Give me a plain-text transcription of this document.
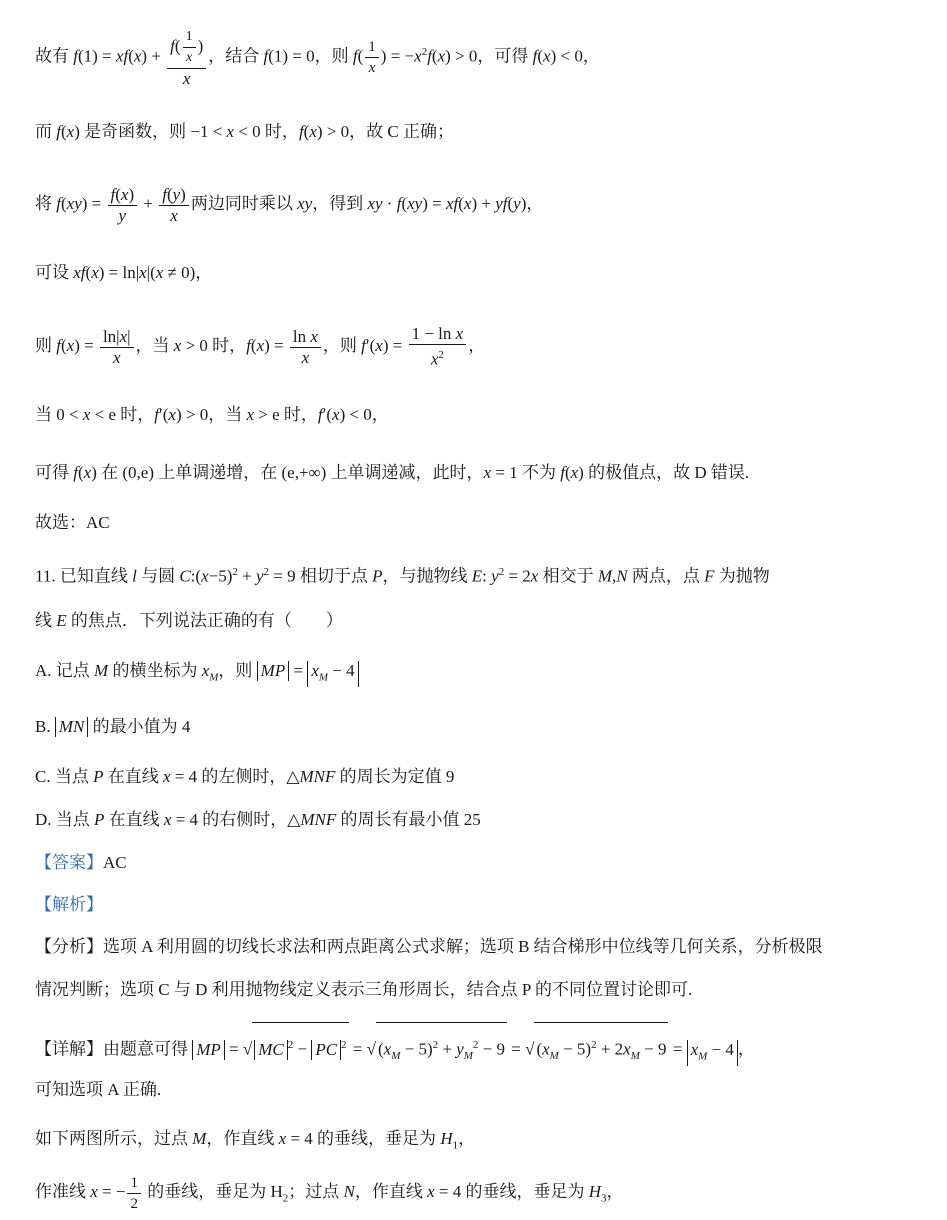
故有 $f(1) = xf(x) + \frac{f( \frac{1}{x} )}{x}$ ，结合 f(1) = 0，则 $f( \frac{1}{x}$ ) = $-x^2f(x) > 0$，可得 f(x) < 0，
而 f(x) 是奇函数，则 −1 < x < 0 时，f(x) > 0，故 C 正确；
将 $f(xy) = \frac{f(x)}{y} + \frac{f(y)}{x}$ 两边同时乘以 xy，得到 xy · f(xy) = xf(x) + yf(y)，
可设 xf(x) = ln|x|(x ≠ 0)，
则 $f(x) = \frac{\ln|x|}{x}$ ，当 x > 0 时，$f(x) = \frac{\text{ln x}}{x}$ ，则 $f'(x) = \frac{\text{1 − ln x}}{x^2}$ ，
当 0 < x < e 时，f′(x) > 0，当 x > e 时，f′(x) < 0，
可得 f(x) 在 (0,e) 上单调递增，在 (e,+∞) 上单调递减，此时，x = 1 不为 f(x) 的极值点，故 D 错误.
故选：AC
11. 已知直线 l 与圆 $C:(x-5)^2 + y^2 = 9$ 相切于点 P，与抛物线 E: $y^2 = 2x$ 相交于 M,N 两点，点 F 为抛物
线 E 的焦点．下列说法正确的有（　　）
A. 记点 M 的横坐标为 $x_M$，则 MP = $x_M - 4$
B. MN 的最小值为 4
C. 当点 P 在直线 x = 4 的左侧时，△MNF 的周长为定值 9
D. 当点 P 在直线 x = 4 的右侧时，△MNF 的周长有最小值 25
【答案】AC
【解析】
【分析】选项 A 利用圆的切线长求法和两点距离公式求解；选项 B 结合梯形中位线等几何关系，分析极限
情况判断；选项 C 与 D 利用抛物线定义表示三角形周长，结合点 P 的不同位置讨论即可.
【详解】由题意可得 MP = √ MC $^2$ − PC $^2$ = √ $(x_M - 5)^2 + y_M^2 - 9$ = √ $(x_M - 5)^2 + 2x_M - 9 = x_M - 4$ ，
可知选项 A 正确.
如下两图所示，过点 M，作直线 x = 4 的垂线，垂足为 $H_1$，
作准线 x = − $\frac{1}{2}$ 的垂线，垂足为 $H_2$；过点 N，作直线 x = 4 的垂线，垂足为 $H_3$，
